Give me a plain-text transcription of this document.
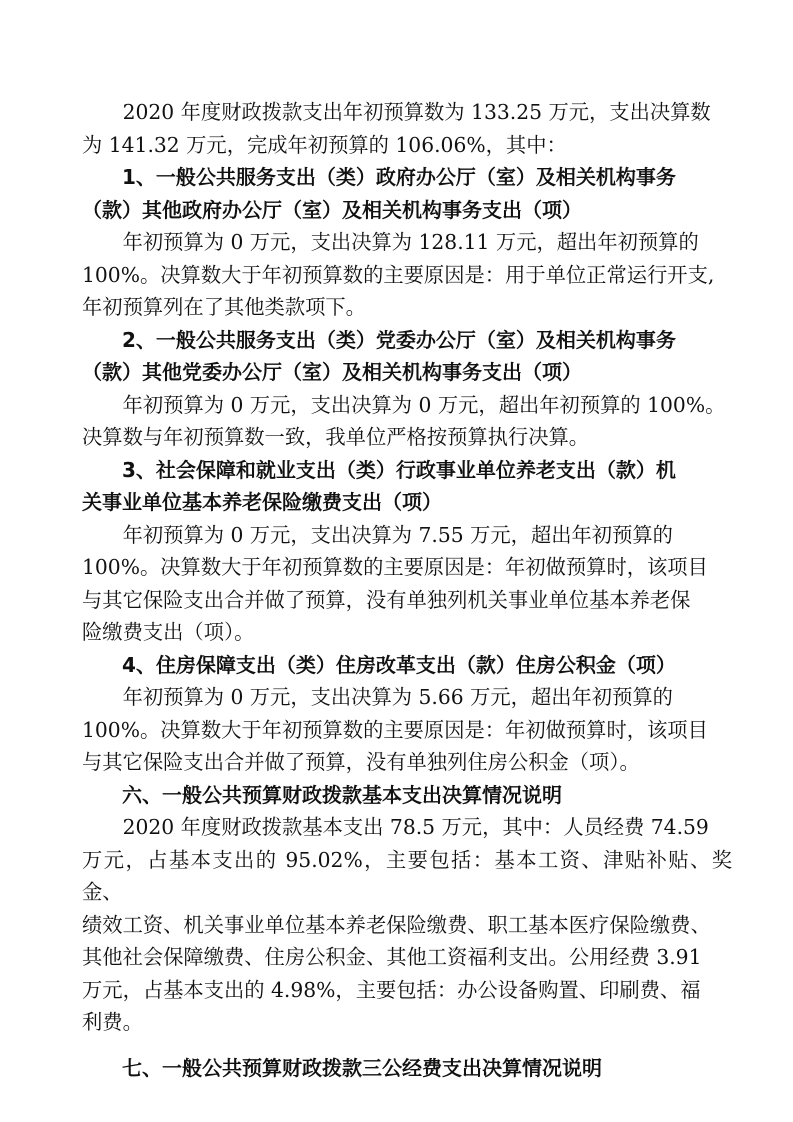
2020 年度财政拨款支出年初预算数为 133.25 万元，支出决算数
为 141.32 万元，完成年初预算的 106.06%，其中：
1、一般公共服务支出（类）政府办公厅（室）及相关机构事务
（款）其他政府办公厅（室）及相关机构事务支出（项）
年初预算为 0 万元，支出决算为 128.11 万元，超出年初预算的
100%。决算数大于年初预算数的主要原因是：用于单位正常运行开支,
年初预算列在了其他类款项下。
2、一般公共服务支出（类）党委办公厅（室）及相关机构事务
（款）其他党委办公厅（室）及相关机构事务支出（项）
年初预算为 0 万元，支出决算为 0 万元，超出年初预算的 100%。
决算数与年初预算数一致，我单位严格按预算执行决算。
3、社会保障和就业支出（类）行政事业单位养老支出（款）机
关事业单位基本养老保险缴费支出（项）
年初预算为 0 万元，支出决算为 7.55 万元，超出年初预算的
100%。决算数大于年初预算数的主要原因是：年初做预算时，该项目
与其它保险支出合并做了预算，没有单独列机关事业单位基本养老保
险缴费支出（项）。
4、住房保障支出（类）住房改革支出（款）住房公积金（项）
年初预算为 0 万元，支出决算为 5.66 万元，超出年初预算的
100%。决算数大于年初预算数的主要原因是：年初做预算时，该项目
与其它保险支出合并做了预算，没有单独列住房公积金（项）。
六、一般公共预算财政拨款基本支出决算情况说明
2020 年度财政拨款基本支出 78.5 万元，其中：人员经费 74.59
万元，占基本支出的 95.02%，主要包括：基本工资、津贴补贴、奖金、
绩效工资、机关事业单位基本养老保险缴费、职工基本医疗保险缴费、
其他社会保障缴费、住房公积金、其他工资福利支出。公用经费 3.91
万元，占基本支出的 4.98%，主要包括：办公设备购置、印刷费、福
利费。
七、一般公共预算财政拨款三公经费支出决算情况说明
